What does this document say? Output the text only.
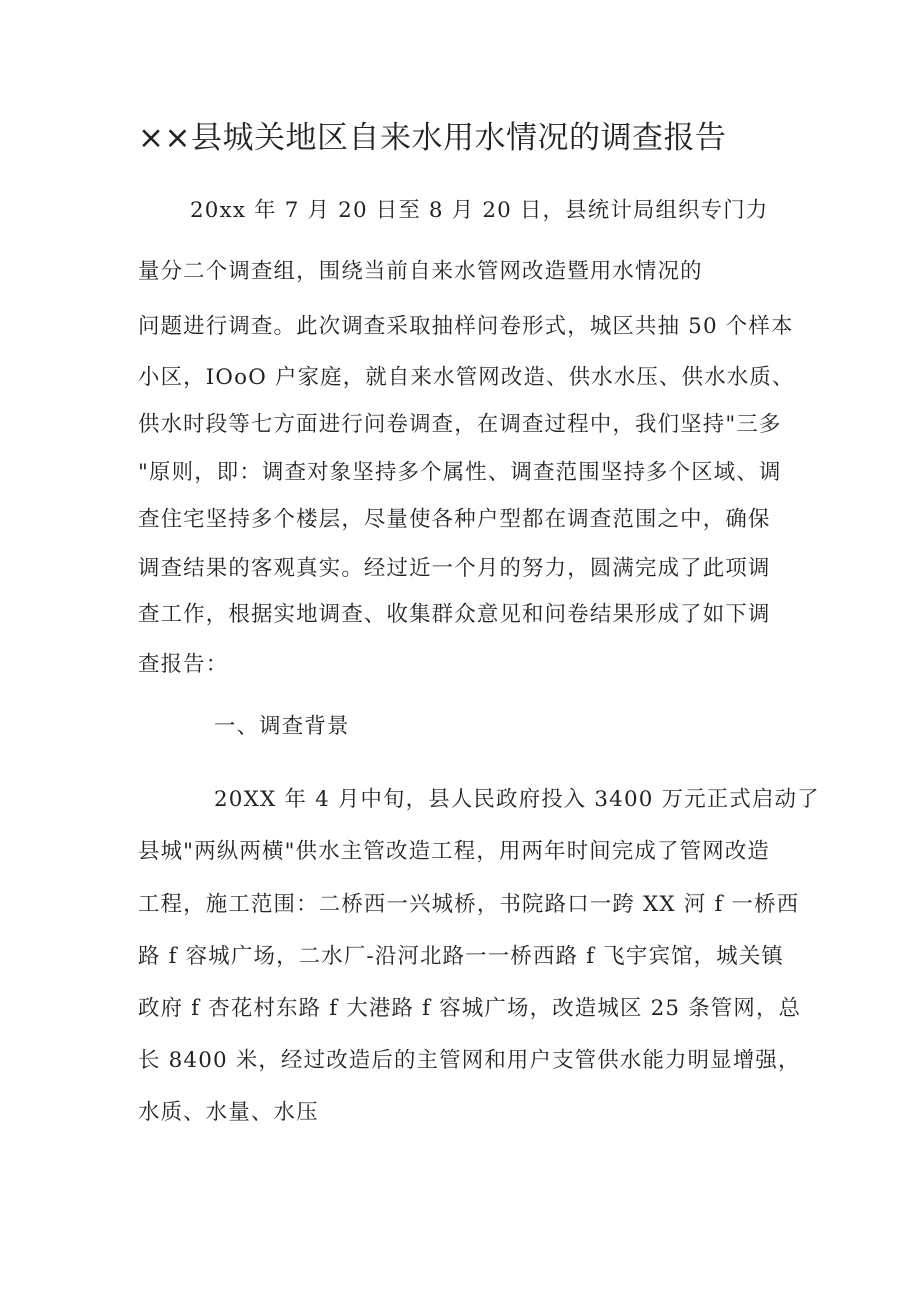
××县城关地区自来水用水情况的调查报告
20xx 年 7 月 20 日至 8 月 20 日，县统计局组织专门力
量分二个调查组，围绕当前自来水管网改造暨用水情况的
问题进行调查。此次调查采取抽样问卷形式，城区共抽 50 个样本
小区，IOoO 户家庭，就自来水管网改造、供水水压、供水水质、
供水时段等七方面进行问卷调查，在调查过程中，我们坚持"三多
"原则，即：调查对象坚持多个属性、调查范围坚持多个区域、调
查住宅坚持多个楼层，尽量使各种户型都在调查范围之中，确保
调查结果的客观真实。经过近一个月的努力，圆满完成了此项调
查工作，根据实地调查、收集群众意见和问卷结果形成了如下调
查报告：
一、调查背景
20XX 年 4 月中旬，县人民政府投入 3400 万元正式启动了
县城"两纵两横"供水主管改造工程，用两年时间完成了管网改造
工程，施工范围：二桥西一兴城桥，书院路口一跨 XX 河 f 一桥西
路 f 容城广场，二水厂-沿河北路一一桥西路 f 飞宇宾馆，城关镇
政府 f 杏花村东路 f 大港路 f 容城广场，改造城区 25 条管网，总
长 8400 米，经过改造后的主管网和用户支管供水能力明显增强，
水质、水量、水压
